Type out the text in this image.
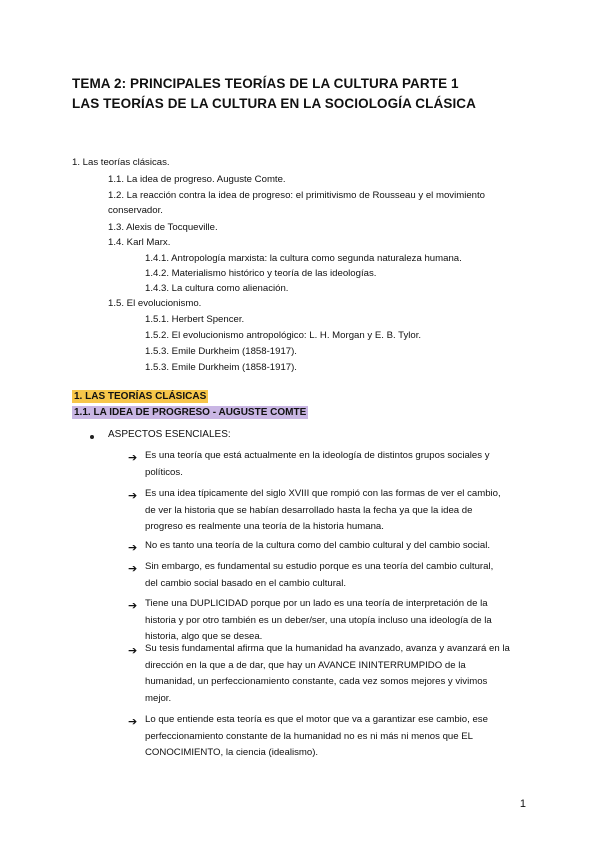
TEMA 2: PRINCIPALES TEORÍAS DE LA CULTURA PARTE 1
LAS TEORÍAS DE LA CULTURA EN LA SOCIOLOGÍA CLÁSICA
1. Las teorías clásicas.
1.1. La idea de progreso. Auguste Comte.
1.2. La reacción contra la idea de progreso: el primitivismo de Rousseau y el movimiento
conservador.
1.3. Alexis de Tocqueville.
1.4. Karl Marx.
1.4.1. Antropología marxista: la cultura como segunda naturaleza humana.
1.4.2. Materialismo histórico y teoría de las ideologías.
1.4.3. La cultura como alienación.
1.5. El evolucionismo.
1.5.1. Herbert Spencer.
1.5.2. El evolucionismo antropológico: L. H. Morgan y E. B. Tylor.
1.5.3. Emile Durkheim (1858-1917).
1.5.3. Emile Durkheim (1858-1917).
1. LAS TEORÍAS CLÁSICAS
1.1. LA IDEA DE PROGRESO - AUGUSTE COMTE
ASPECTOS ESENCIALES:
➔ Es una teoría que está actualmente en la ideología de distintos grupos sociales y
políticos.
➔ Es una idea típicamente del siglo XVIII que rompió con las formas de ver el cambio,
de ver la historia que se habían desarrollado hasta la fecha ya que la idea de
progreso es realmente una teoría de la historia humana.
➔ No es tanto una teoría de la cultura como del cambio cultural y del cambio social.
➔ Sin embargo, es fundamental su estudio porque es una teoría del cambio cultural,
del cambio social basado en el cambio cultural.
➔ Tiene una DUPLICIDAD porque por un lado es una teoría de interpretación de la
historia y por otro también es un deber/ser, una utopía incluso una ideología de la
historia, algo que se desea.
➔ Su tesis fundamental afirma que la humanidad ha avanzado, avanza y avanzará en la
dirección en la que a de dar, que hay un AVANCE ININTERRUMPIDO de la
humanidad, un perfeccionamiento constante, cada vez somos mejores y vivimos
mejor.
➔ Lo que entiende esta teoría es que el motor que va a garantizar ese cambio, ese
perfeccionamiento constante de la humanidad no es ni más ni menos que EL
CONOCIMIENTO, la ciencia (idealismo).
1
